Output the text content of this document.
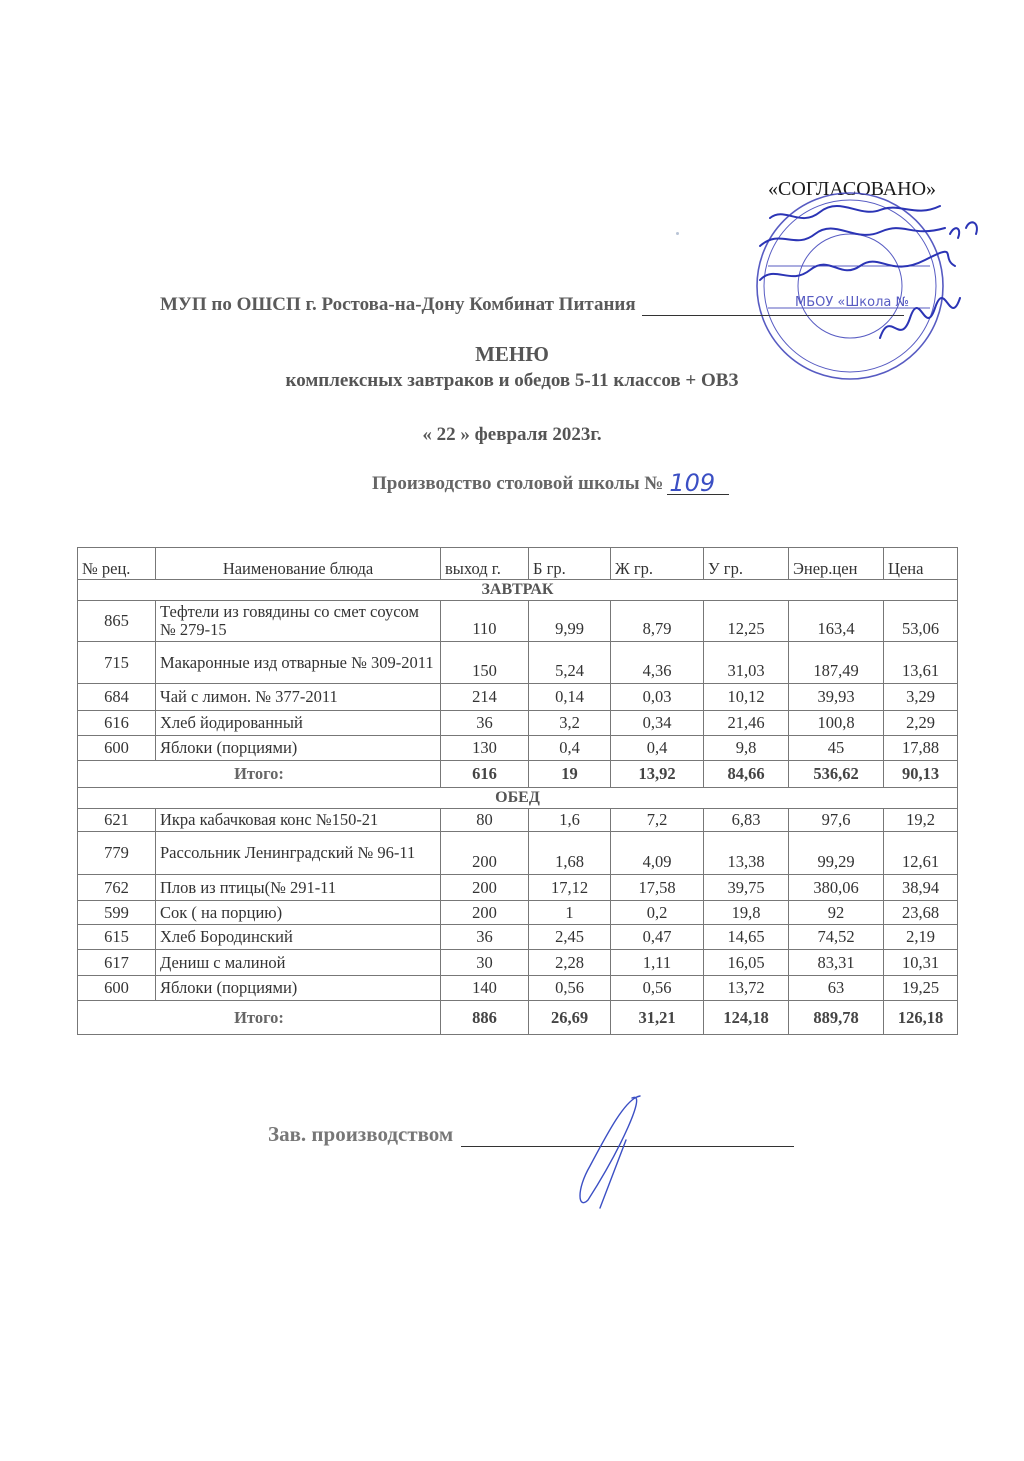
«СОГЛАСОВАНО»
МБОУ «Школа №
МУП по ОШСП г. Ростова-на-Дону Комбинат Питания
МЕНЮ
комплексных завтраков и обедов 5-11 классов + ОВЗ
« 22 » февраля 2023г.
Производство столовой школы № 109
№ рец.	Наименование блюда	выход г.	Б гр.	Ж гр.	У гр.	Энер.цен	Цена
ЗАВТРАК							
865	Тефтели из говядины со смет соусом № 279-15	110	9,99	8,79	12,25	163,4	53,06
715	Макаронные изд отварные № 309-2011	150	5,24	4,36	31,03	187,49	13,61
684	Чай с лимон. № 377-2011	214	0,14	0,03	10,12	39,93	3,29
616	Хлеб йодированный	36	3,2	0,34	21,46	100,8	2,29
600	Яблоки (порциями)	130	0,4	0,4	9,8	45	17,88
Итого:		616	19	13,92	84,66	536,62	90,13
ОБЕД							
621	Икра кабачковая конс №150-21	80	1,6	7,2	6,83	97,6	19,2
779	Рассольник Ленинградский № 96-11	200	1,68	4,09	13,38	99,29	12,61
762	Плов из птицы(№ 291-11	200	17,12	17,58	39,75	380,06	38,94
599	Сок ( на порцию)	200	1	0,2	19,8	92	23,68
615	Хлеб Бородинский	36	2,45	0,47	14,65	74,52	2,19
617	Дениш с малиной	30	2,28	1,11	16,05	83,31	10,31
600	Яблоки (порциями)	140	0,56	0,56	13,72	63	19,25
Итого:		886	26,69	31,21	124,18	889,78	126,18
Зав. производством
